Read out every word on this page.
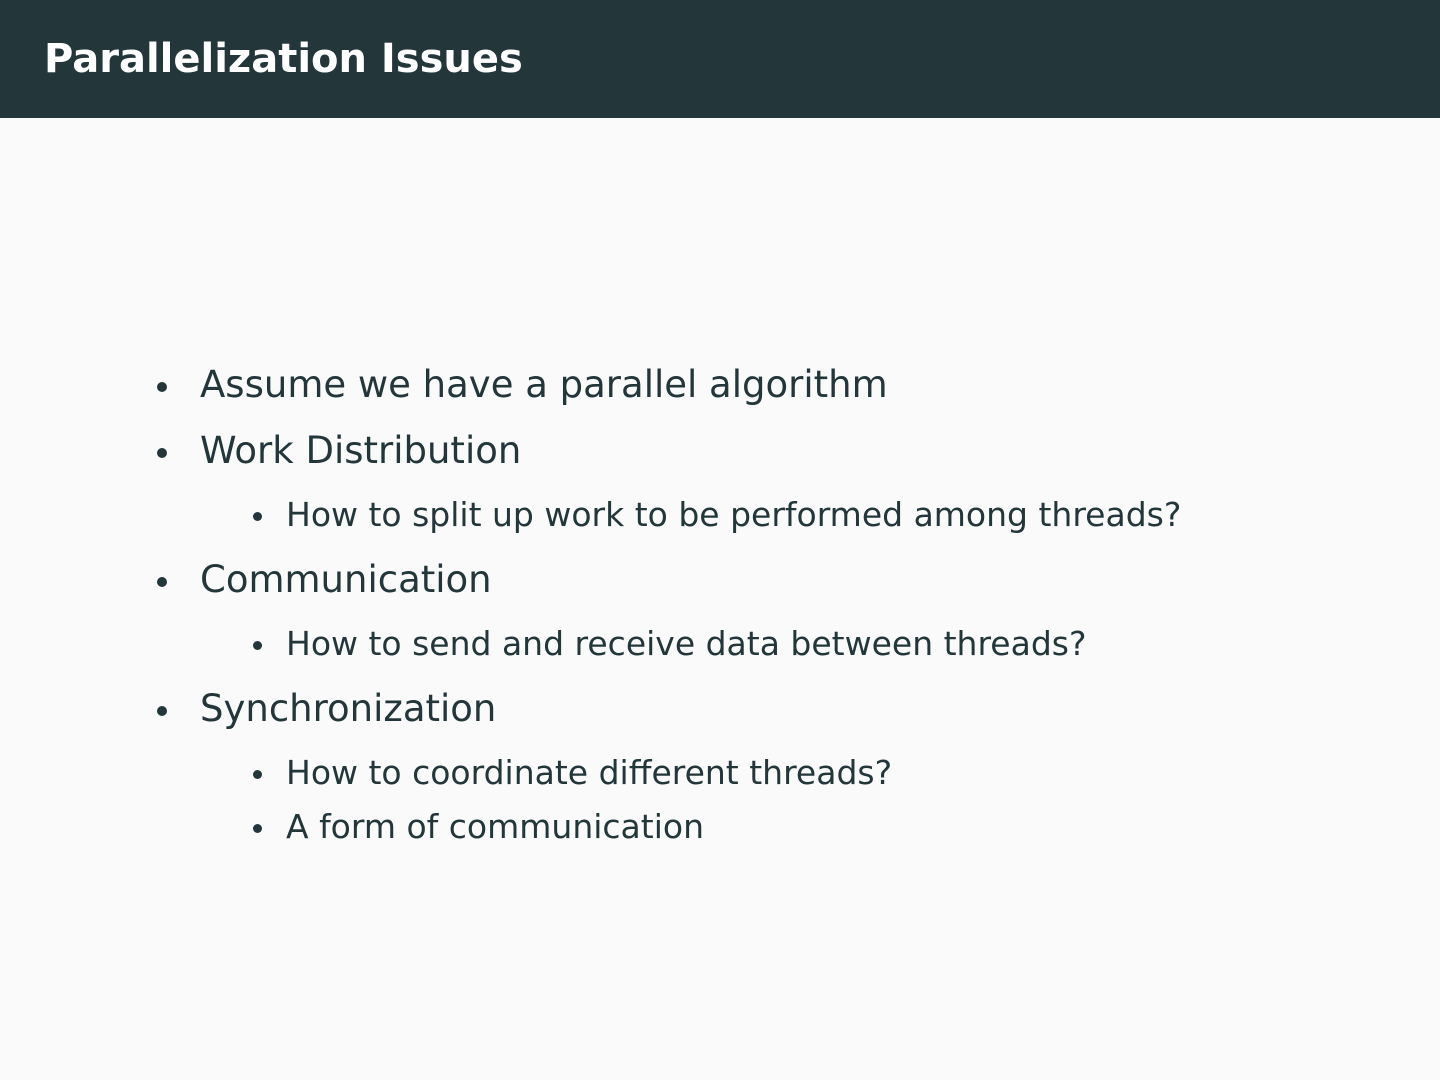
Parallelization Issues
Assume we have a parallel algorithm
Work Distribution
How to split up work to be performed among threads?
Communication
How to send and receive data between threads?
Synchronization
How to coordinate different threads?
A form of communication
